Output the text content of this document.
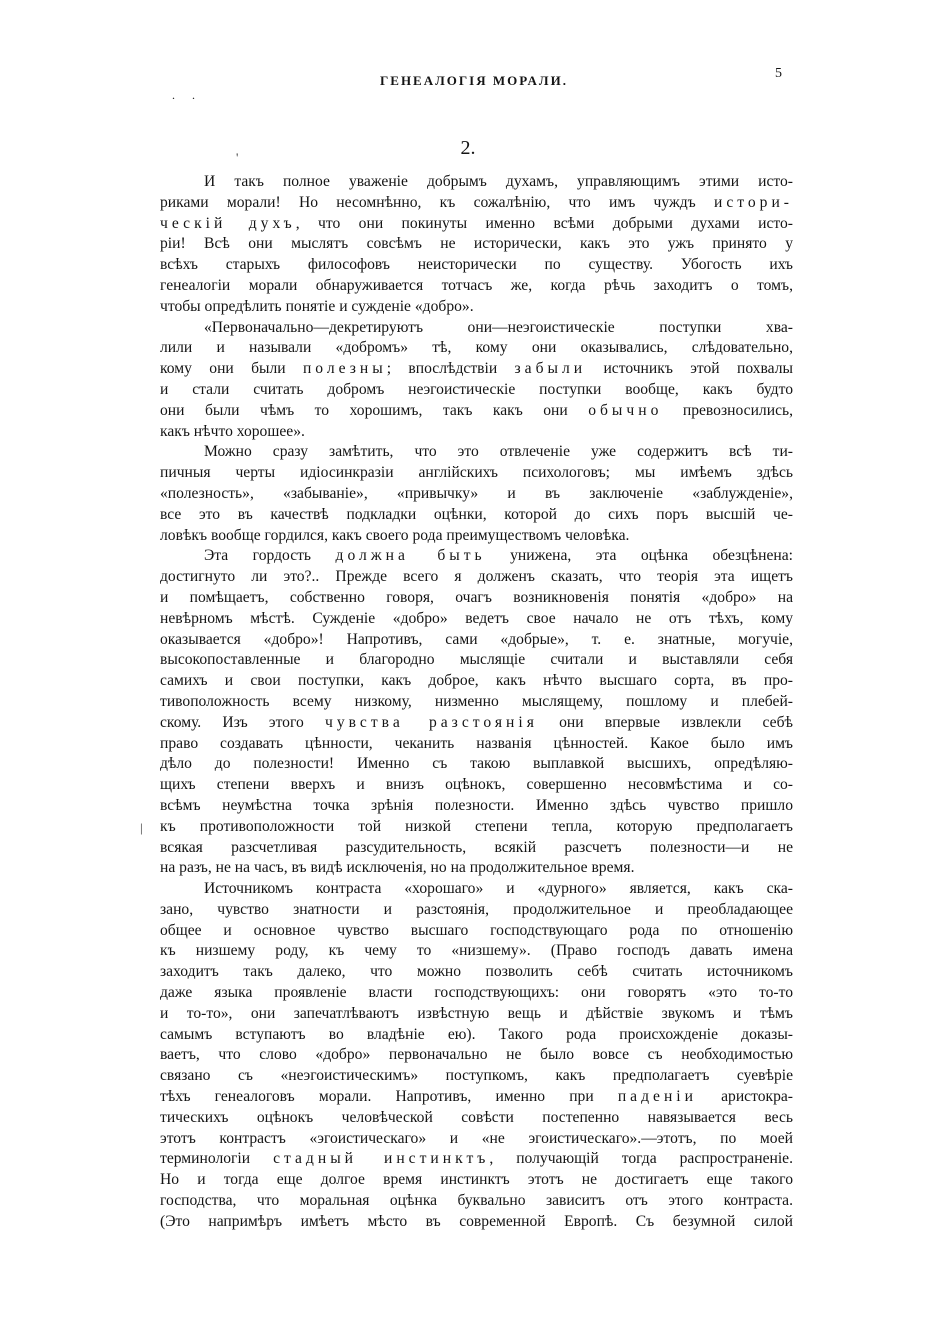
ГЕНЕАЛОГІЯ МОРАЛИ.	5
. .
2.
'
|
И такъ полное уваженіе добрымъ духамъ, управляющимъ этими исто-
риками морали! Но несомнѣнно, къ сожалѣнію, что имъ чуждъ истори-
ческій духъ, что они покинуты именно всѣми добрыми духами исто-
ріи! Всѣ они мыслятъ совсѣмъ не исторически, какъ это ужъ принято у
всѣхъ старыхъ философовъ неисторически по существу. Убогость ихъ
генеалогіи морали обнаруживается тотчасъ же, когда рѣчь заходитъ о томъ,
чтобы опредѣлить понятіе и сужденіе «добро».
«Первоначально—декретируютъ они—неэгоистическіе поступки хва-
лили и называли «добромъ» тѣ, кому они оказывались, слѣдовательно,
кому они были полезны; впослѣдствіи забыли источникъ этой похвалы
и стали считать добромъ неэгоистическіе поступки вообще, какъ будто
они были чѣмъ то хорошимъ, такъ какъ они обычно превозносились,
какъ нѣчто хорошее».
Можно сразу замѣтить, что это отвлеченіе уже содержитъ всѣ ти-
пичныя черты идіосинкразіи англійскихъ психологовъ; мы имѣемъ здѣсь
«полезность», «забываніе», «привычку» и въ заключеніе «заблужденіе»,
все это въ качествѣ подкладки оцѣнки, которой до сихъ поръ высшій че-
ловѣкъ вообще гордился, какъ своего рода преимуществомъ человѣка.
Эта гордость должна быть унижена, эта оцѣнка обезцѣнена:
достигнуто ли это?.. Прежде всего я долженъ сказать, что теорія эта ищетъ
и помѣщаетъ, собственно говоря, очагъ возникновенія понятія «добро» на
невѣрномъ мѣстѣ. Сужденіе «добро» ведетъ свое начало не отъ тѣхъ, кому
оказывается «добро»! Напротивъ, сами «добрые», т. е. знатные, могучіе,
высокопоставленные и благородно мыслящіе считали и выставляли себя
самихъ и свои поступки, какъ доброе, какъ нѣчто высшаго сорта, въ про-
тивоположность всему низкому, низменно мыслящему, пошлому и плебей-
скому. Изъ этого чувства разстоянія они впервые извлекли себѣ
право создавать цѣнности, чеканить названія цѣнностей. Какое было имъ
дѣло до полезности! Именно съ такою выплавкой высшихъ, опредѣляю-
щихъ степени вверхъ и внизъ оцѣнокъ, совершенно несовмѣстима и со-
всѣмъ неумѣстна точка зрѣнія полезности. Именно здѣсь чувство пришло
къ противоположности той низкой степени тепла, которую предполагаетъ
всякая разсчетливая разсудительность, всякій разсчетъ полезности—и не
на разъ, не на часъ, въ видѣ исключенія, но на продолжительное время.
Источникомъ контраста «хорошаго» и «дурного» является, какъ ска-
зано, чувство знатности и разстоянія, продолжительное и преобладающее
общее и основное чувство высшаго господствующаго рода по отношенію
къ низшему роду, къ чему то «низшему». (Право господъ давать имена
заходитъ такъ далеко, что можно позволить себѣ считать источникомъ
даже языка проявленіе власти господствующихъ: они говорятъ «это то-то
и то-то», они запечатлѣваютъ извѣстную вещь и дѣйствіе звукомъ и тѣмъ
самымъ вступаютъ во владѣніе ею). Такого рода происхожденіе доказы-
ваетъ, что слово «добро» первоначально не было вовсе съ необходимостью
связано съ «неэгоистическимъ» поступкомъ, какъ предполагаетъ суевѣріе
тѣхъ генеалоговъ морали. Напротивъ, именно при паденіи аристокра-
тическихъ оцѣнокъ человѣческой совѣсти постепенно навязывается весь
этотъ контрастъ «эгоистическаго» и «не эгоистическаго».—этотъ, по моей
терминологіи стадный инстинктъ, получающій тогда распространеніе.
Но и тогда еще долгое время инстинктъ этотъ не достигаетъ еще такого
господства, что моральная оцѣнка буквально зависитъ отъ этого контраста.
(Это напримѣръ имѣетъ мѣсто въ современной Европѣ. Съ безумной силой
